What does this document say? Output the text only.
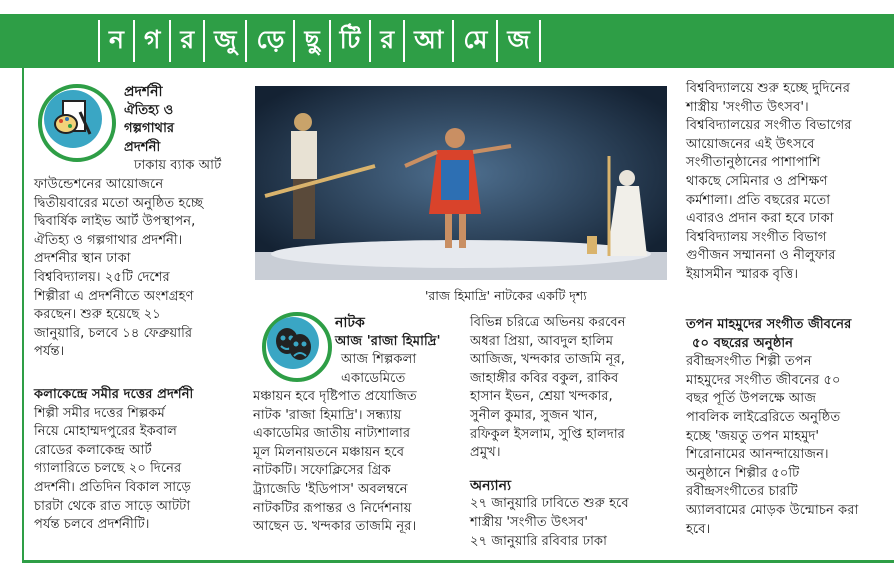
ন গ র জু ড়ে ছু টি র আ মে জ

প্রদর্শনী

ঐতিহ্য ও

গল্পগাথার

প্রদর্শনী

ঢাকায় ব্যাক আর্ট

ফাউন্ডেশনের আয়োজনে

দ্বিতীয়বারের মতো অনুষ্ঠিত হচ্ছে

দ্বিবার্ষিক লাইভ আর্ট উপস্থাপন,

ঐতিহ্য ও গল্পগাথার প্রদর্শনী।

প্রদর্শনীর স্থান ঢাকা

বিশ্ববিদ্যালয়। ২৫টি দেশের

শিল্পীরা এ প্রদর্শনীতে অংশগ্রহণ

করছেন। শুরু হয়েছে ২১

জানুয়ারি, চলবে ১৪ ফেব্রুয়ারি

পর্যন্ত।

কলাকেন্দ্রে সমীর দত্তের প্রদর্শনী

শিল্পী সমীর দত্তের শিল্পকর্ম

নিয়ে মোহাম্মদপুরের ইকবাল

রোডের কলাকেন্দ্র আর্ট

গ্যালারিতে চলছে ২০ দিনের

প্রদর্শনী। প্রতিদিন বিকাল সাড়ে

চারটা থেকে রাত সাড়ে আটটা

পর্যন্ত চলবে প্রদর্শনীটি।

'রাজ হিমাদ্রি' নাটকের একটি দৃশ্য

নাটক

আজ 'রাজা হিমাদ্রি'

আজ শিল্পকলা

একাডেমিতে

মঞ্চায়ন হবে দৃষ্টিপাত প্রযোজিত

নাটক 'রাজা হিমাদ্রি'। সন্ধ্যায়

একাডেমির জাতীয় নাট্যশালার

মূল মিলনায়তনে মঞ্চায়ন হবে

নাটকটি। সফোক্লিসের গ্রিক

ট্র্যাজেডি 'ইডিপাস' অবলম্বনে

নাটকটির রূপান্তর ও নির্দেশনায়

আছেন ড. খন্দকার তাজমি নূর।

বিভিন্ন চরিত্রে অভিনয় করবেন

অধরা প্রিয়া, আবদুল হালিম

আজিজ, খন্দকার তাজমি নূর,

জাহাঙ্গীর কবির বকুল, রাকিব

হাসান ইভন, শ্রেয়া খন্দকার,

সুনীল কুমার, সুজন খান,

রফিকুল ইসলাম, সুপ্তি হালদার

প্রমুখ।

অন্যান্য

২৭ জানুয়ারি ঢাবিতে শুরু হবে

শাস্ত্রীয় 'সংগীত উৎসব'

২৭ জানুয়ারি রবিবার ঢাকা

বিশ্ববিদ্যালয়ে শুরু হচ্ছে দুদিনের

শাস্ত্রীয় 'সংগীত উৎসব'।

বিশ্ববিদ্যালয়ের সংগীত বিভাগের

আয়োজনের এই উৎসবে

সংগীতানুষ্ঠানের পাশাপাশি

থাকছে সেমিনার ও প্রশিক্ষণ

কর্মশালা। প্রতি বছরের মতো

এবারও প্রদান করা হবে ঢাকা

বিশ্ববিদ্যালয় সংগীত বিভাগ

গুণীজন সম্মাননা ও নীলুফার

ইয়াসমীন স্মারক বৃত্তি।

তপন মাহমুদের সংগীত জীবনের

৫০ বছরের অনুষ্ঠান

রবীন্দ্রসংগীত শিল্পী তপন

মাহমুদের সংগীত জীবনের ৫০

বছর পূর্তি উপলক্ষে আজ

পাবলিক লাইব্রেরিতে অনুষ্ঠিত

হচ্ছে 'জয়তু তপন মাহমুদ'

শিরোনামের আনন্দায়োজন।

অনুষ্ঠানে শিল্পীর ৫০টি

রবীন্দ্রসংগীতের চারটি

অ্যালবামের মোড়ক উন্মোচন করা

হবে।
